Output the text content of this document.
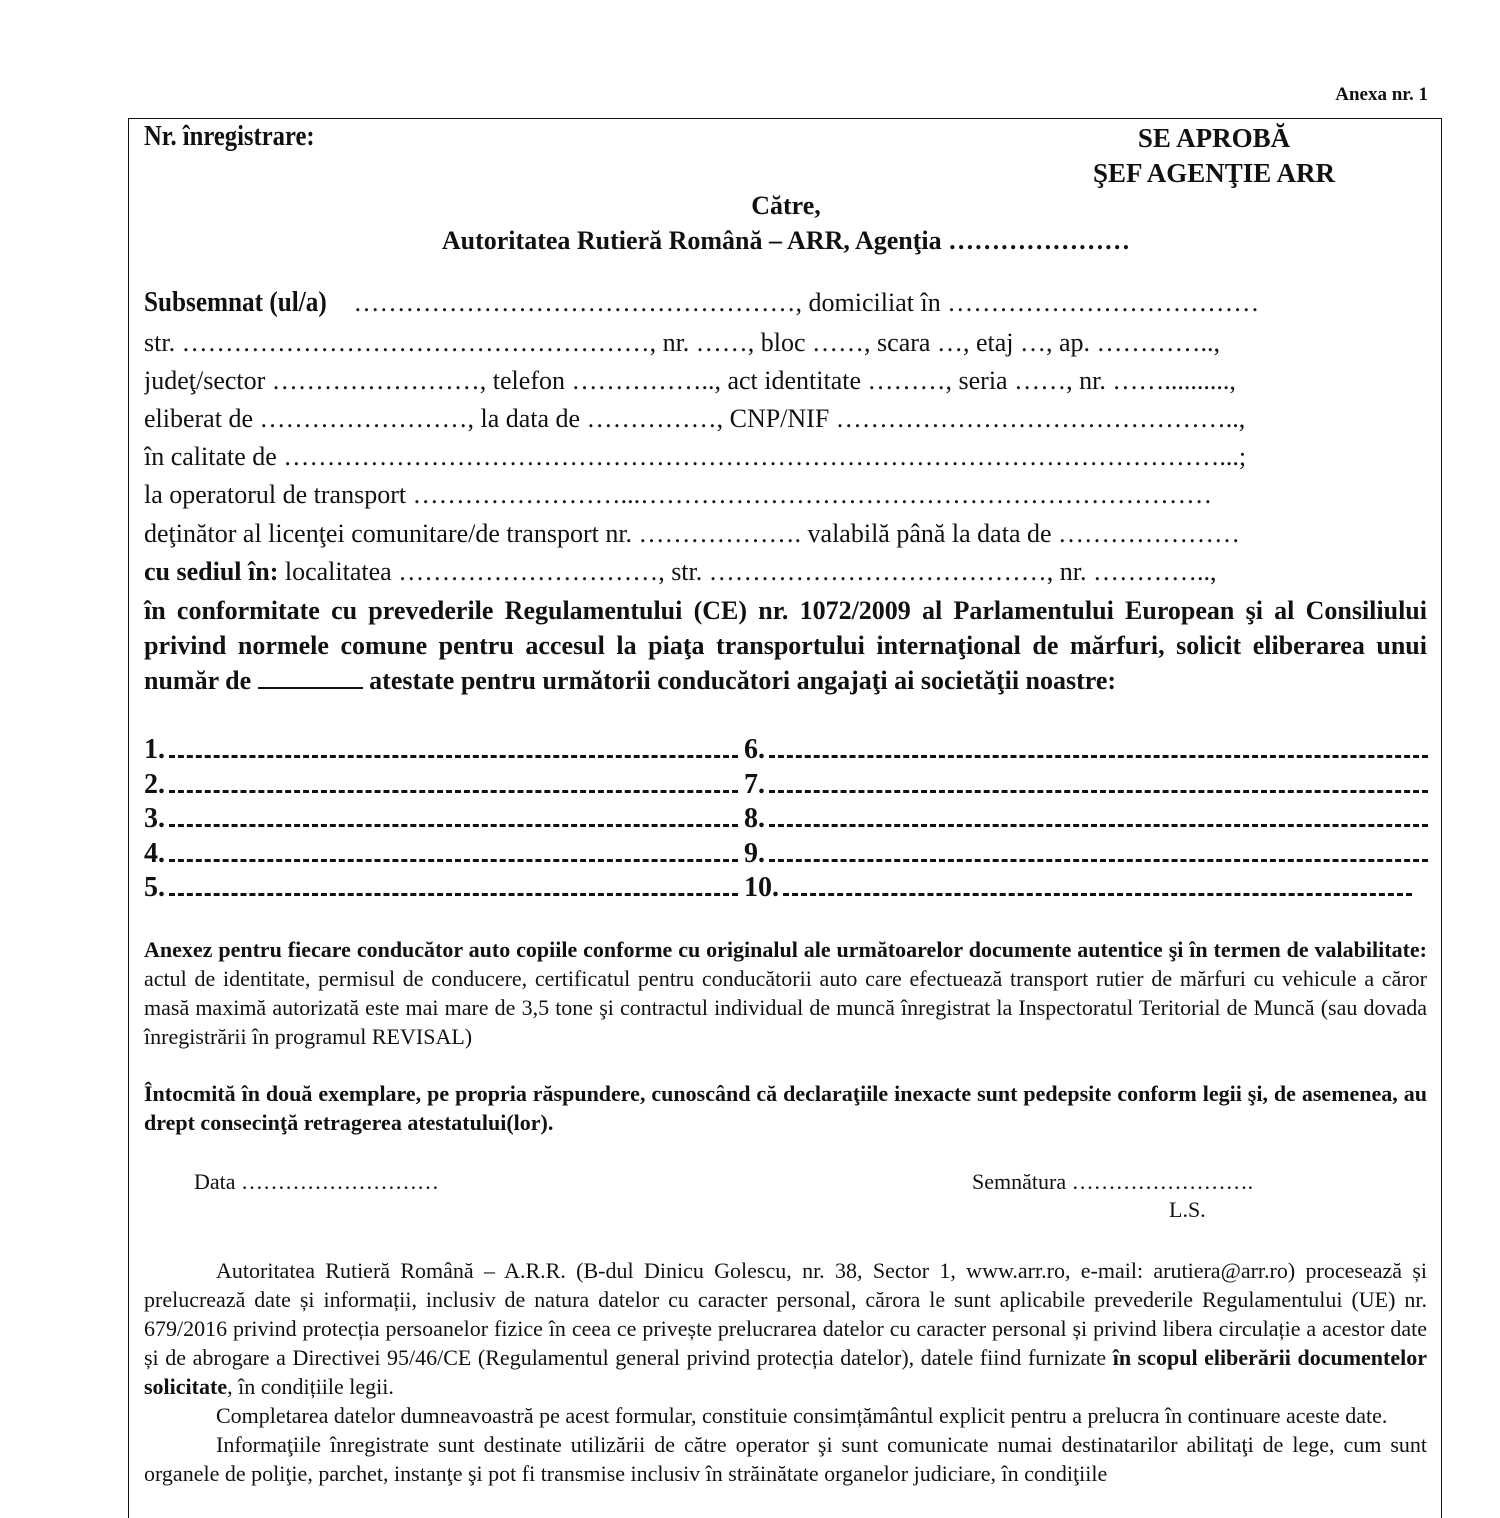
Anexa nr. 1
Nr. înregistrare:	SE APROBĂ
ŞEF AGENŢIE ARR
Către,
Autoritatea Rutieră Română – ARR, Agenţia …………………
Subsemnat (ul/a) ……………………………………………, domiciliat în ………………………………
str. ………………………………………………, nr. ……, bloc ……, scara …, etaj …, ap. …………..,
judeţ/sector ……………………, telefon …………….., act identitate ………, seria ……, nr. ……..........,
eliberat de ……………………, la data de ……………, CNP/NIF ………………………………………..,
în calitate de ………………………………………………………………………………………………...;
la operatorul de transport ……………………...…………………………………………………………
deţinător al licenţei comunitare/de transport nr. ………………. valabilă până la data de …………………
cu sediul în: localitatea …………………………, str. …………………………………, nr. …………..,
în conformitate cu prevederile Regulamentului (CE) nr. 1072/2009 al Parlamentului European şi al Consiliului privind normele comune pentru accesul la piaţa transportului internaţional de mărfuri, solicit eliberarea unui număr de	atestate pentru următorii conducători angajaţi ai societăţii noastre:
1.	6.
2.	7.
3.	8.
4.	9.
5.	10.
Anexez pentru fiecare conducător auto copiile conforme cu originalul ale următoarelor documente autentice şi în termen de valabilitate: actul de identitate, permisul de conducere, certificatul pentru conducătorii auto care efectuează transport rutier de mărfuri cu vehicule a căror masă maximă autorizată este mai mare de 3,5 tone şi contractul individual de muncă înregistrat la Inspectoratul Teritorial de Muncă (sau dovada înregistrării în programul REVISAL)
Întocmită în două exemplare, pe propria răspundere, cunoscând că declaraţiile inexacte sunt pedepsite conform legii şi, de asemenea, au drept consecinţă retragerea atestatului(lor).
Data ………………………	Semnătura …………………….
L.S.

Autoritatea Rutieră Română – A.R.R. (B-dul Dinicu Golescu, nr. 38, Sector 1, www.arr.ro, e-mail: arutiera@arr.ro) procesează și prelucrează date și informații, inclusiv de natura datelor cu caracter personal, cărora le sunt aplicabile prevederile Regulamentului (UE) nr. 679/2016 privind protecția persoanelor fizice în ceea ce privește prelucrarea datelor cu caracter personal și privind libera circulație a acestor date și de abrogare a Directivei 95/46/CE (Regulamentul general privind protecția datelor), datele fiind furnizate în scopul eliberării documentelor solicitate, în condițiile legii.

Completarea datelor dumneavoastră pe acest formular, constituie consimțământul explicit pentru a prelucra în continuare aceste date.

Informaţiile înregistrate sunt destinate utilizării de către operator şi sunt comunicate numai destinatarilor abilitaţi de lege, cum sunt organele de poliţie, parchet, instanţe şi pot fi transmise inclusiv în străinătate organelor judiciare, în condiţiile
